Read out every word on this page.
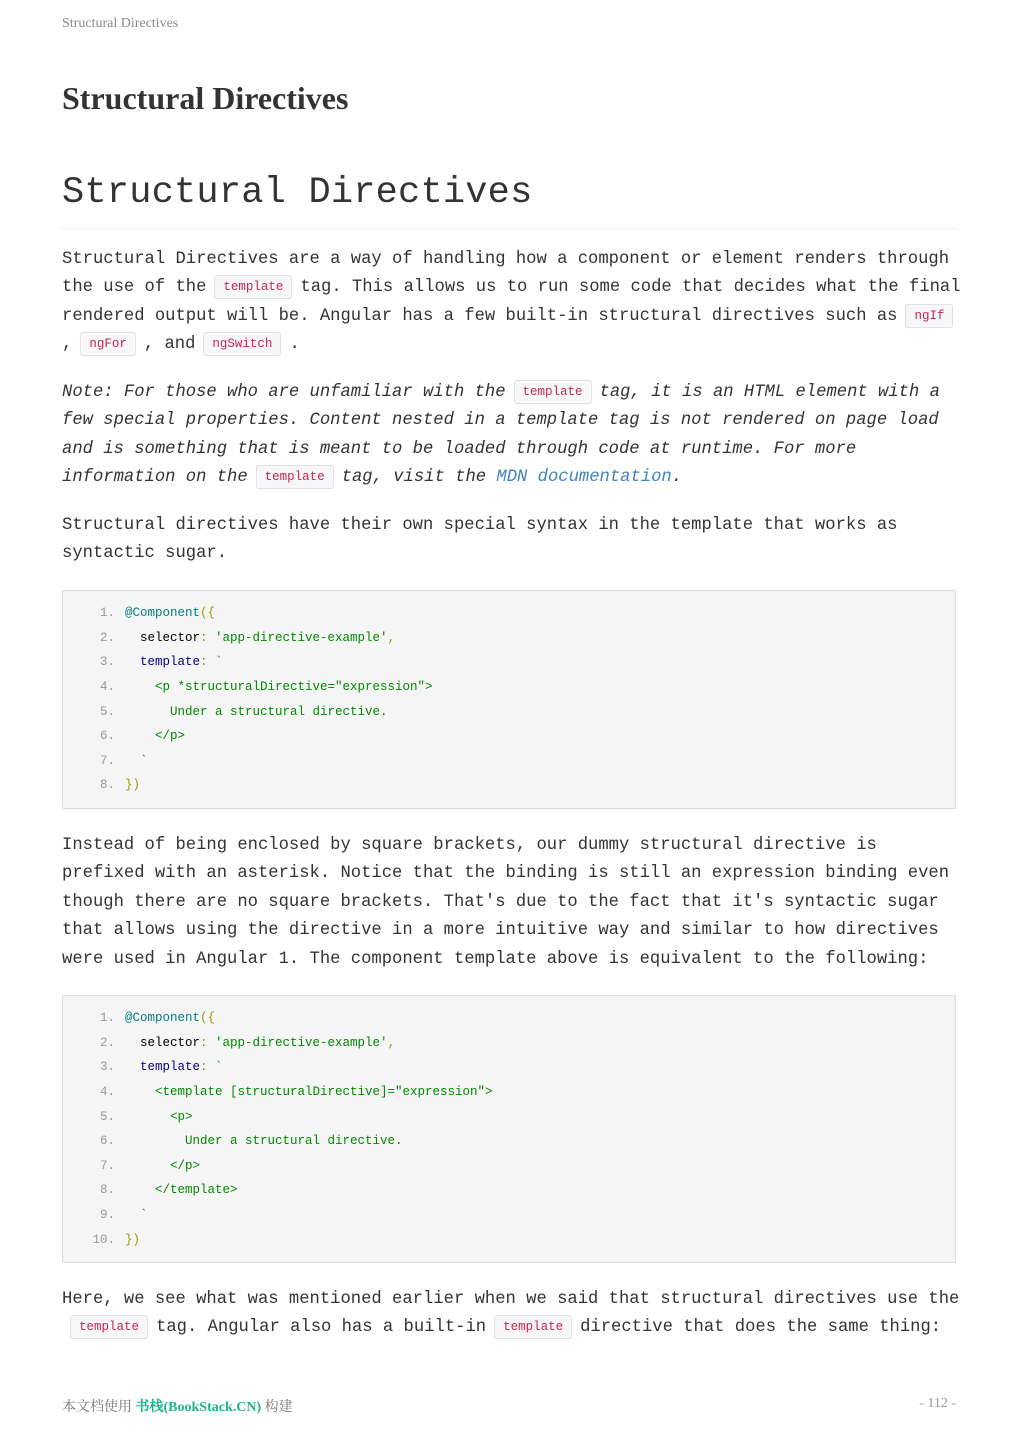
Structural Directives
Structural Directives
Structural Directives

Structural Directives are a way of handling how a component or element renders through the use of the template tag. This allows us to run some code that decides what the final rendered output will be. Angular has a few built-in structural directives such as ngIf, ngFor , and ngSwitch .

Note: For those who are unfamiliar with the template tag, it is an HTML element with a few special properties. Content nested in a template tag is not rendered on page load and is something that is meant to be loaded through code at runtime. For more information on the template tag, visit the MDN documentation.

Structural directives have their own special syntax in the template that works as syntactic sugar.

1. @Component ({
2. selector : 'app-directive-example' ,
3. template : `
4. <p *structuralDirective="expression">
5. Under a structural directive.
6. </p>
7. `
8. })

Instead of being enclosed by square brackets, our dummy structural directive is prefixed with an asterisk. Notice that the binding is still an expression binding even though there are no square brackets. That's due to the fact that it's syntactic sugar that allows using the directive in a more intuitive way and similar to how directives were used in Angular 1. The component template above is equivalent to the following:

1. @Component ({
2. selector : 'app-directive-example' ,
3. template : `
4. <template [structuralDirective]="expression">
5. <p>
6. Under a structural directive.
7. </p>
8. </template>
9. `
10. })

Here, we see what was mentioned earlier when we said that structural directives use thetemplate tag. Angular also has a built-in template directive that does the same thing:

本文档使用 书栈(BookStack.CN) 构建	- 112 -
